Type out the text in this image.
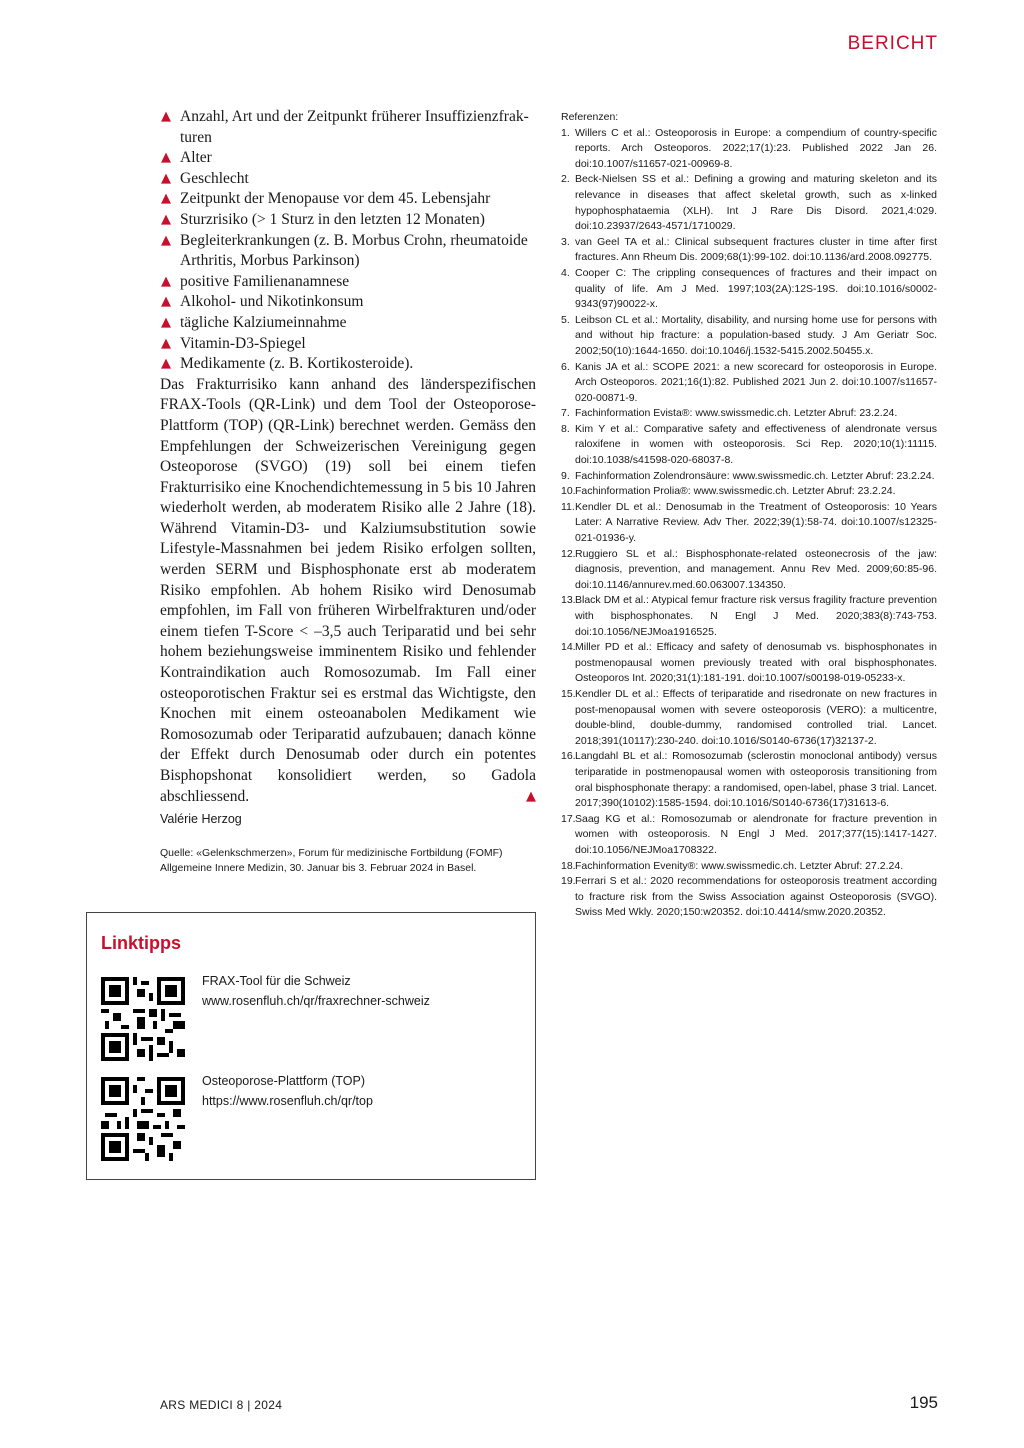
BERICHT
▲ Anzahl, Art und der Zeitpunkt früherer Insuffizienzfrakturen
▲ Alter
▲ Geschlecht
▲ Zeitpunkt der Menopause vor dem 45. Lebensjahr
▲ Sturzrisiko (> 1 Sturz in den letzten 12 Monaten)
▲ Begleiterkrankungen (z. B. Morbus Crohn, rheumatoide Arthritis, Morbus Parkinson)
▲ positive Familienanamnese
▲ Alkohol- und Nikotinkonsum
▲ tägliche Kalziumeinnahme
▲ Vitamin-D3-Spiegel
▲ Medikamente (z. B. Kortikosteroide).

Das Frakturrisiko kann anhand des länderspezifischen FRAX-Tools (QR-Link) und dem Tool der Osteoporose-Plattform (TOP) (QR-Link) berechnet werden. Gemäss den Empfehlungen der Schweizerischen Vereinigung gegen Osteoporose (SVGO) (19) soll bei einem tiefen Frakturrisiko eine Knochendichtemessung in 5 bis 10 Jahren wiederholt werden, ab moderatem Risiko alle 2 Jahre (18). Während Vitamin-D3- und Kalziumsubstitution sowie Lifestyle-Massnahmen bei jedem Risiko erfolgen sollten, werden SERM und Bisphosphonate erst ab moderatem Risiko empfohlen. Ab hohem Risiko wird Denosumab empfohlen, im Fall von früheren Wirbelfrakturen und/oder einem tiefen T-Score < –3,5 auch Teriparatid und bei sehr hohem beziehungsweise imminentem Risiko und fehlender Kontraindikation auch Romosozumab. Im Fall einer osteoporotischen Fraktur sei es erstmal das Wichtigste, den Knochen mit einem osteoanabolen Medikament wie Romosozumab oder Teriparatid aufzubauen; danach könne der Effekt durch Denosumab oder durch ein potentes Bisphopshonat konsolidiert werden, so Gadola abschliessend.	▲

Valérie Herzog
Quelle: «Gelenkschmerzen», Forum für medizinische Fortbildung (FOMF) Allgemeine Innere Medizin, 30. Januar bis 3. Februar 2024 in Basel.
Linktipps
FRAX-Tool für die Schweiz
www.rosenfluh.ch/qr/fraxrechner-schweiz
Osteoporose-Plattform (TOP)
https://www.rosenfluh.ch/qr/top

Referenzen:

1. Willers C et al.: Osteoporosis in Europe: a compendium of country-specific reports. Arch Osteoporos. 2022;17(1):23. Published 2022 Jan 26. doi:10.1007/s11657-021-00969-8.
2. Beck-Nielsen SS et al.: Defining a growing and maturing skeleton and its relevance in diseases that affect skeletal growth, such as x-linked hypophosphataemia (XLH). Int J Rare Dis Disord. 2021,4:029. doi:10.23937/2643-4571/1710029.
3. van Geel TA et al.: Clinical subsequent fractures cluster in time after first fractures. Ann Rheum Dis. 2009;68(1):99-102. doi:10.1136/ard.2008.092775.
4. Cooper C: The crippling consequences of fractures and their impact on quality of life. Am J Med. 1997;103(2A):12S-19S. doi:10.1016/s0002-9343(97)90022-x.
5. Leibson CL et al.: Mortality, disability, and nursing home use for persons with and without hip fracture: a population-based study. J Am Geriatr Soc. 2002;50(10):1644-1650. doi:10.1046/j.1532-5415.2002.50455.x.
6. Kanis JA et al.: SCOPE 2021: a new scorecard for osteoporosis in Europe. Arch Osteoporos. 2021;16(1):82. Published 2021 Jun 2. doi:10.1007/s11657-020-00871-9.
7. Fachinformation Evista®: www.swissmedic.ch. Letzter Abruf: 23.2.24.
8. Kim Y et al.: Comparative safety and effectiveness of alendronate versus raloxifene in women with osteoporosis. Sci Rep. 2020;10(1):11115. doi:10.1038/s41598-020-68037-8.
9. Fachinformation Zolendronsäure: www.swissmedic.ch. Letzter Abruf: 23.2.24.
10. Fachinformation Prolia®: www.swissmedic.ch. Letzter Abruf: 23.2.24.
11. Kendler DL et al.: Denosumab in the Treatment of Osteoporosis: 10 Years Later: A Narrative Review. Adv Ther. 2022;39(1):58-74. doi:10.1007/s12325-021-01936-y.
12. Ruggiero SL et al.: Bisphosphonate-related osteonecrosis of the jaw: diagnosis, prevention, and management. Annu Rev Med. 2009;60:85-96. doi:10.1146/annurev.med.60.063007.134350.
13. Black DM et al.: Atypical femur fracture risk versus fragility fracture prevention with bisphosphonates. N Engl J Med. 2020;383(8):743-753. doi:10.1056/NEJMoa1916525.
14. Miller PD et al.: Efficacy and safety of denosumab vs. bisphosphonates in postmenopausal women previously treated with oral bisphosphonates. Osteoporos Int. 2020;31(1):181-191. doi:10.1007/s00198-019-05233-x.
15. Kendler DL et al.: Effects of teriparatide and risedronate on new fractures in post-menopausal women with severe osteoporosis (VERO): a multicentre, double-blind, double-dummy, randomised controlled trial. Lancet. 2018;391(10117):230-240. doi:10.1016/S0140-6736(17)32137-2.
16. Langdahl BL et al.: Romosozumab (sclerostin monoclonal antibody) versus teriparatide in postmenopausal women with osteoporosis transitioning from oral bisphosphonate therapy: a randomised, open-label, phase 3 trial. Lancet. 2017;390(10102):1585-1594. doi:10.1016/S0140-6736(17)31613-6.
17. Saag KG et al.: Romosozumab or alendronate for fracture prevention in women with osteoporosis. N Engl J Med. 2017;377(15):1417-1427. doi:10.1056/NEJMoa1708322.
18. Fachinformation Evenity®: www.swissmedic.ch. Letzter Abruf: 27.2.24.
19. Ferrari S et al.: 2020 recommendations for osteoporosis treatment according to fracture risk from the Swiss Association against Osteoporosis (SVGO). Swiss Med Wkly. 2020;150:w20352. doi:10.4414/smw.2020.20352.
ARS MEDICI 8 | 2024	195
